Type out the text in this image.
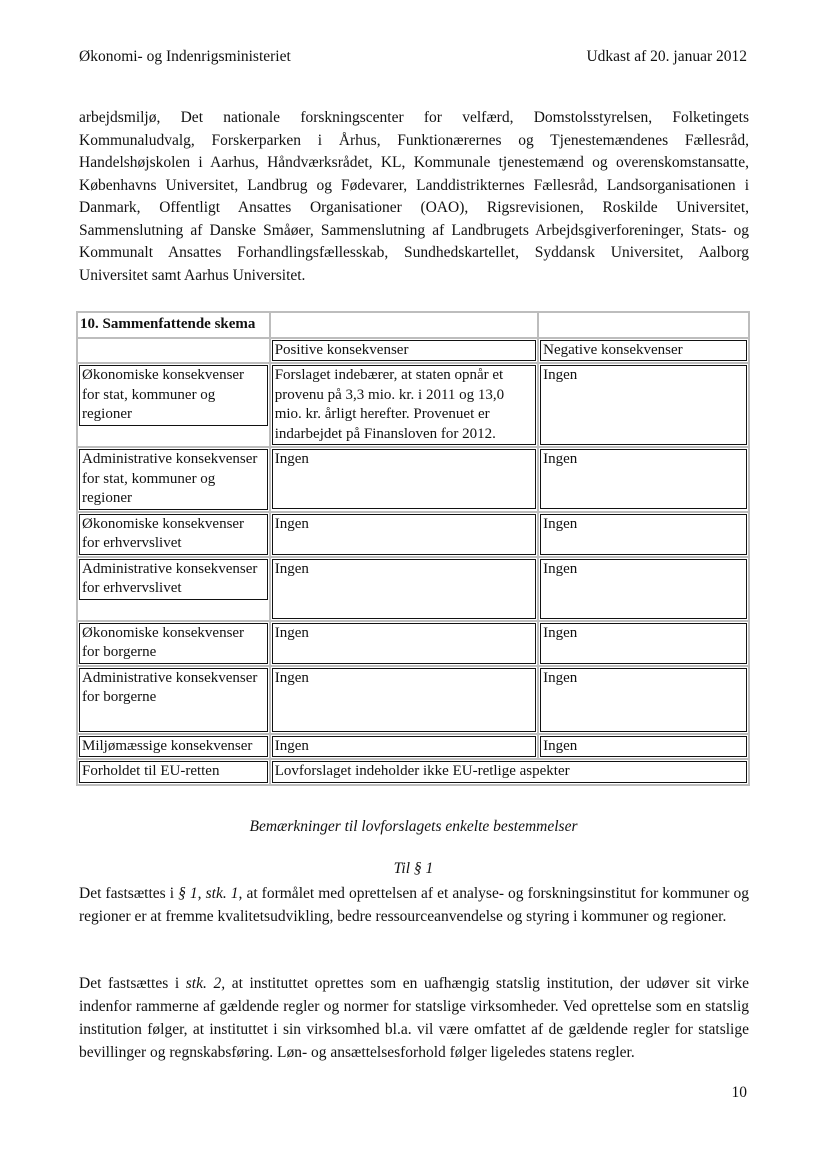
Økonomi- og Indenrigsministeriet	Udkast af 20. januar 2012

arbejdsmiljø, Det nationale forskningscenter for velfærd, Domstolsstyrelsen, Folketingets Kommunaludvalg, Forskerparken i Århus, Funktionærernes og Tjenestemændenes Fællesråd, Handelshøjskolen i Aarhus, Håndværksrådet, KL, Kommunale tjenestemænd og overenskomstansatte, Københavns Universitet, Landbrug og Fødevarer, Landdistrikternes Fællesråd, Landsorganisationen i Danmark, Offentligt Ansattes Organisationer (OAO), Rigsrevisionen, Roskilde Universitet, Sammenslutning af Danske Småøer, Sammenslutning af Landbrugets Arbejdsgiverforeninger, Stats- og Kommunalt Ansattes Forhandlingsfællesskab, Sundhedskartellet, Syddansk Universitet, Aalborg Universitet samt Aarhus Universitet.

10. Sammenfattende skema		

	Positive konsekvenser	Negative konsekvenser

Økonomiske konsekvenser for stat, kommuner og regioner	Forslaget indebærer, at staten opnår et provenu på 3,3 mio. kr. i 2011 og 13,0 mio. kr. årligt herefter. Provenuet er indarbejdet på Finansloven for 2012.	Ingen

Administrative konsekvenser for stat, kommuner og regioner	Ingen	Ingen

Økonomiske konsekvenser for erhvervslivet	Ingen	Ingen

Administrative konsekvenser for erhvervslivet	Ingen	Ingen

Økonomiske konsekvenser for borgerne	Ingen	Ingen

Administrative konsekvenser for borgerne	Ingen	Ingen

Miljømæssige konsekvenser	Ingen	Ingen

Forholdet til EU-retten	Lovforslaget indeholder ikke EU-retlige aspekter	
Bemærkninger til lovforslagets enkelte bestemmelser
Til § 1

Det fastsættes i § 1, stk. 1, at formålet med oprettelsen af et analyse- og forskningsinstitut for kommuner og regioner er at fremme kvalitetsudvikling, bedre ressourceanvendelse og styring i kommuner og regioner.

Det fastsættes i stk. 2, at instituttet oprettes som en uafhængig statslig institution, der udøver sit virke indenfor rammerne af gældende regler og normer for statslige virksomheder. Ved oprettelse som en statslig institution følger, at instituttet i sin virksomhed bl.a. vil være omfattet af de gældende regler for statslige bevillinger og regnskabsføring. Løn- og ansættelsesforhold følger ligeledes statens regler.

10
